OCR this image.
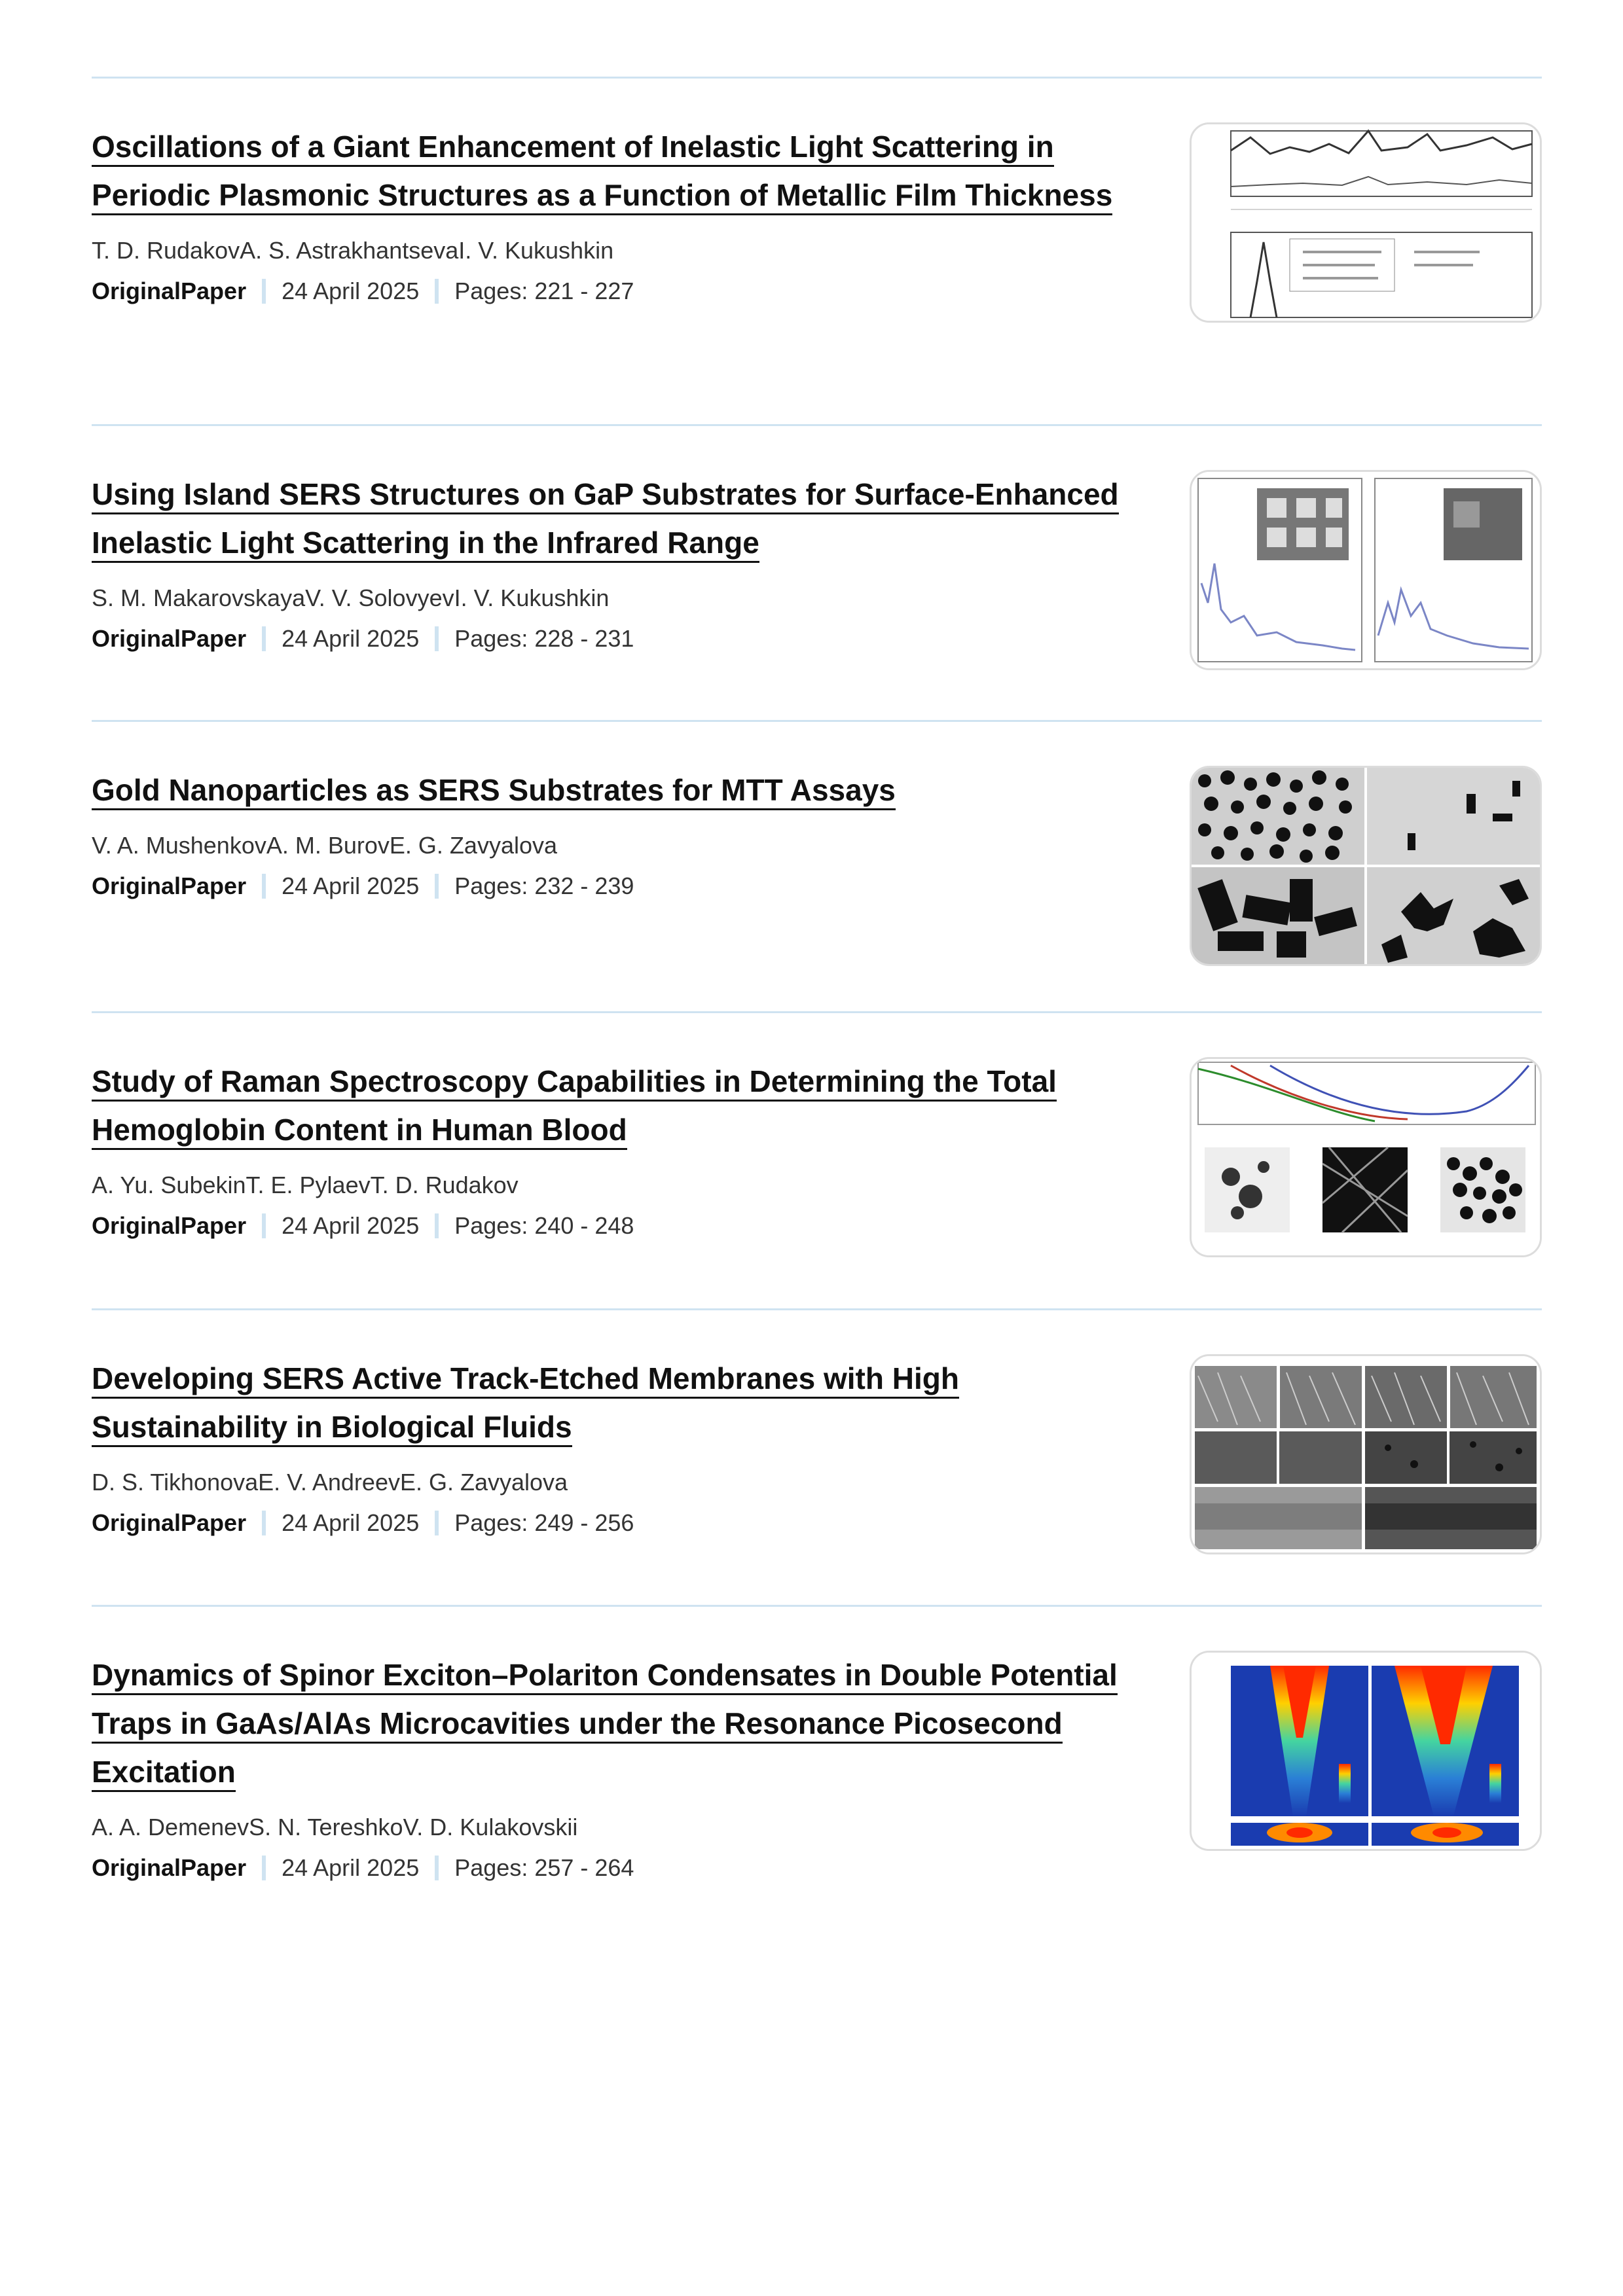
Oscillations of a Giant Enhancement of Inelastic Light Scattering in Periodic Plasmonic Structures as a Function of Metallic Film Thickness
T. D. RudakovA. S. AstrakhantsevaI. V. Kukushkin
OriginalPaper 24 April 2025 Pages: 221 - 227
Using Island SERS Structures on GaP Substrates for Surface-Enhanced Inelastic Light Scattering in the Infrared Range
S. M. MakarovskayaV. V. SolovyevI. V. Kukushkin
OriginalPaper 24 April 2025 Pages: 228 - 231
Gold Nanoparticles as SERS Substrates for MTT Assays
V. A. MushenkovA. M. BurovE. G. Zavyalova
OriginalPaper 24 April 2025 Pages: 232 - 239
Study of Raman Spectroscopy Capabilities in Determining the Total Hemoglobin Content in Human Blood
A. Yu. SubekinT. E. PylaevT. D. Rudakov
OriginalPaper 24 April 2025 Pages: 240 - 248
Developing SERS Active Track-Etched Membranes with High Sustainability in Biological Fluids
D. S. TikhonovaE. V. AndreevE. G. Zavyalova
OriginalPaper 24 April 2025 Pages: 249 - 256
Dynamics of Spinor Exciton–Polariton Condensates in Double Potential Traps in GaAs/AlAs Microcavities under the Resonance Picosecond Excitation
A. A. DemenevS. N. TereshkoV. D. Kulakovskii
OriginalPaper 24 April 2025 Pages: 257 - 264
